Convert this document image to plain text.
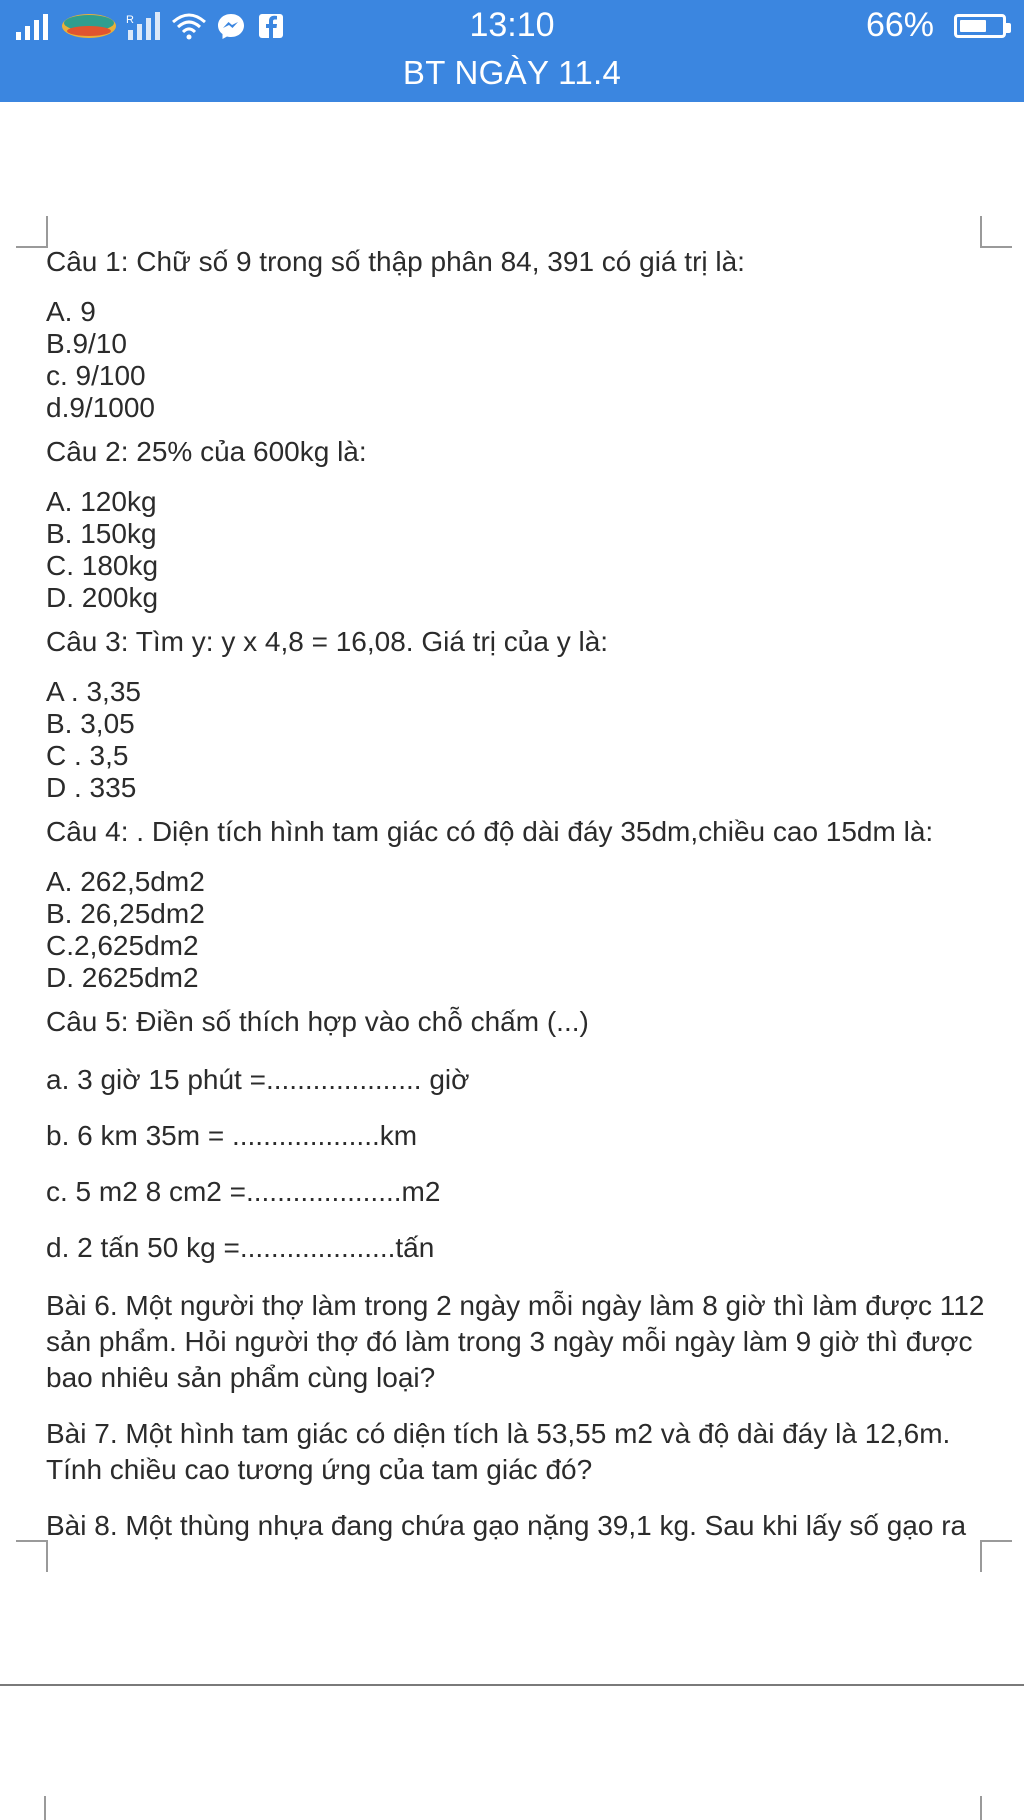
R	13:10	66%
BT NGÀY 11.4
Câu 1: Chữ số 9 trong số thập phân 84, 391 có giá trị là:
A. 9
B.9/10
c. 9/100
d.9/1000
Câu 2: 25% của 600kg là:
A. 120kg
B. 150kg
C. 180kg
D. 200kg
Câu 3: Tìm y: y x 4,8 = 16,08. Giá trị của y là:
A . 3,35
B. 3,05
C . 3,5
D . 335
Câu 4: . Diện tích hình tam giác có độ dài đáy 35dm,chiều cao 15dm là:
A. 262,5dm2
B. 26,25dm2
C.2,625dm2
D. 2625dm2
Câu 5: Điền số thích hợp vào chỗ chấm (...)
a. 3 giờ 15 phút =.................... giờ
b. 6 km 35m = ...................km
c. 5 m2 8 cm2 =....................m2
d. 2 tấn 50 kg =....................tấn
Bài 6. Một người thợ làm trong 2 ngày mỗi ngày làm 8 giờ thì làm được 112 sản phẩm. Hỏi người thợ đó làm trong 3 ngày mỗi ngày làm 9 giờ thì được bao nhiêu sản phẩm cùng loại?
Bài 7. Một hình tam giác có diện tích là 53,55 m2 và độ dài đáy là 12,6m. Tính chiều cao tương ứng của tam giác đó?
Bài 8. Một thùng nhựa đang chứa gạo nặng 39,1 kg. Sau khi lấy số gạo ra
